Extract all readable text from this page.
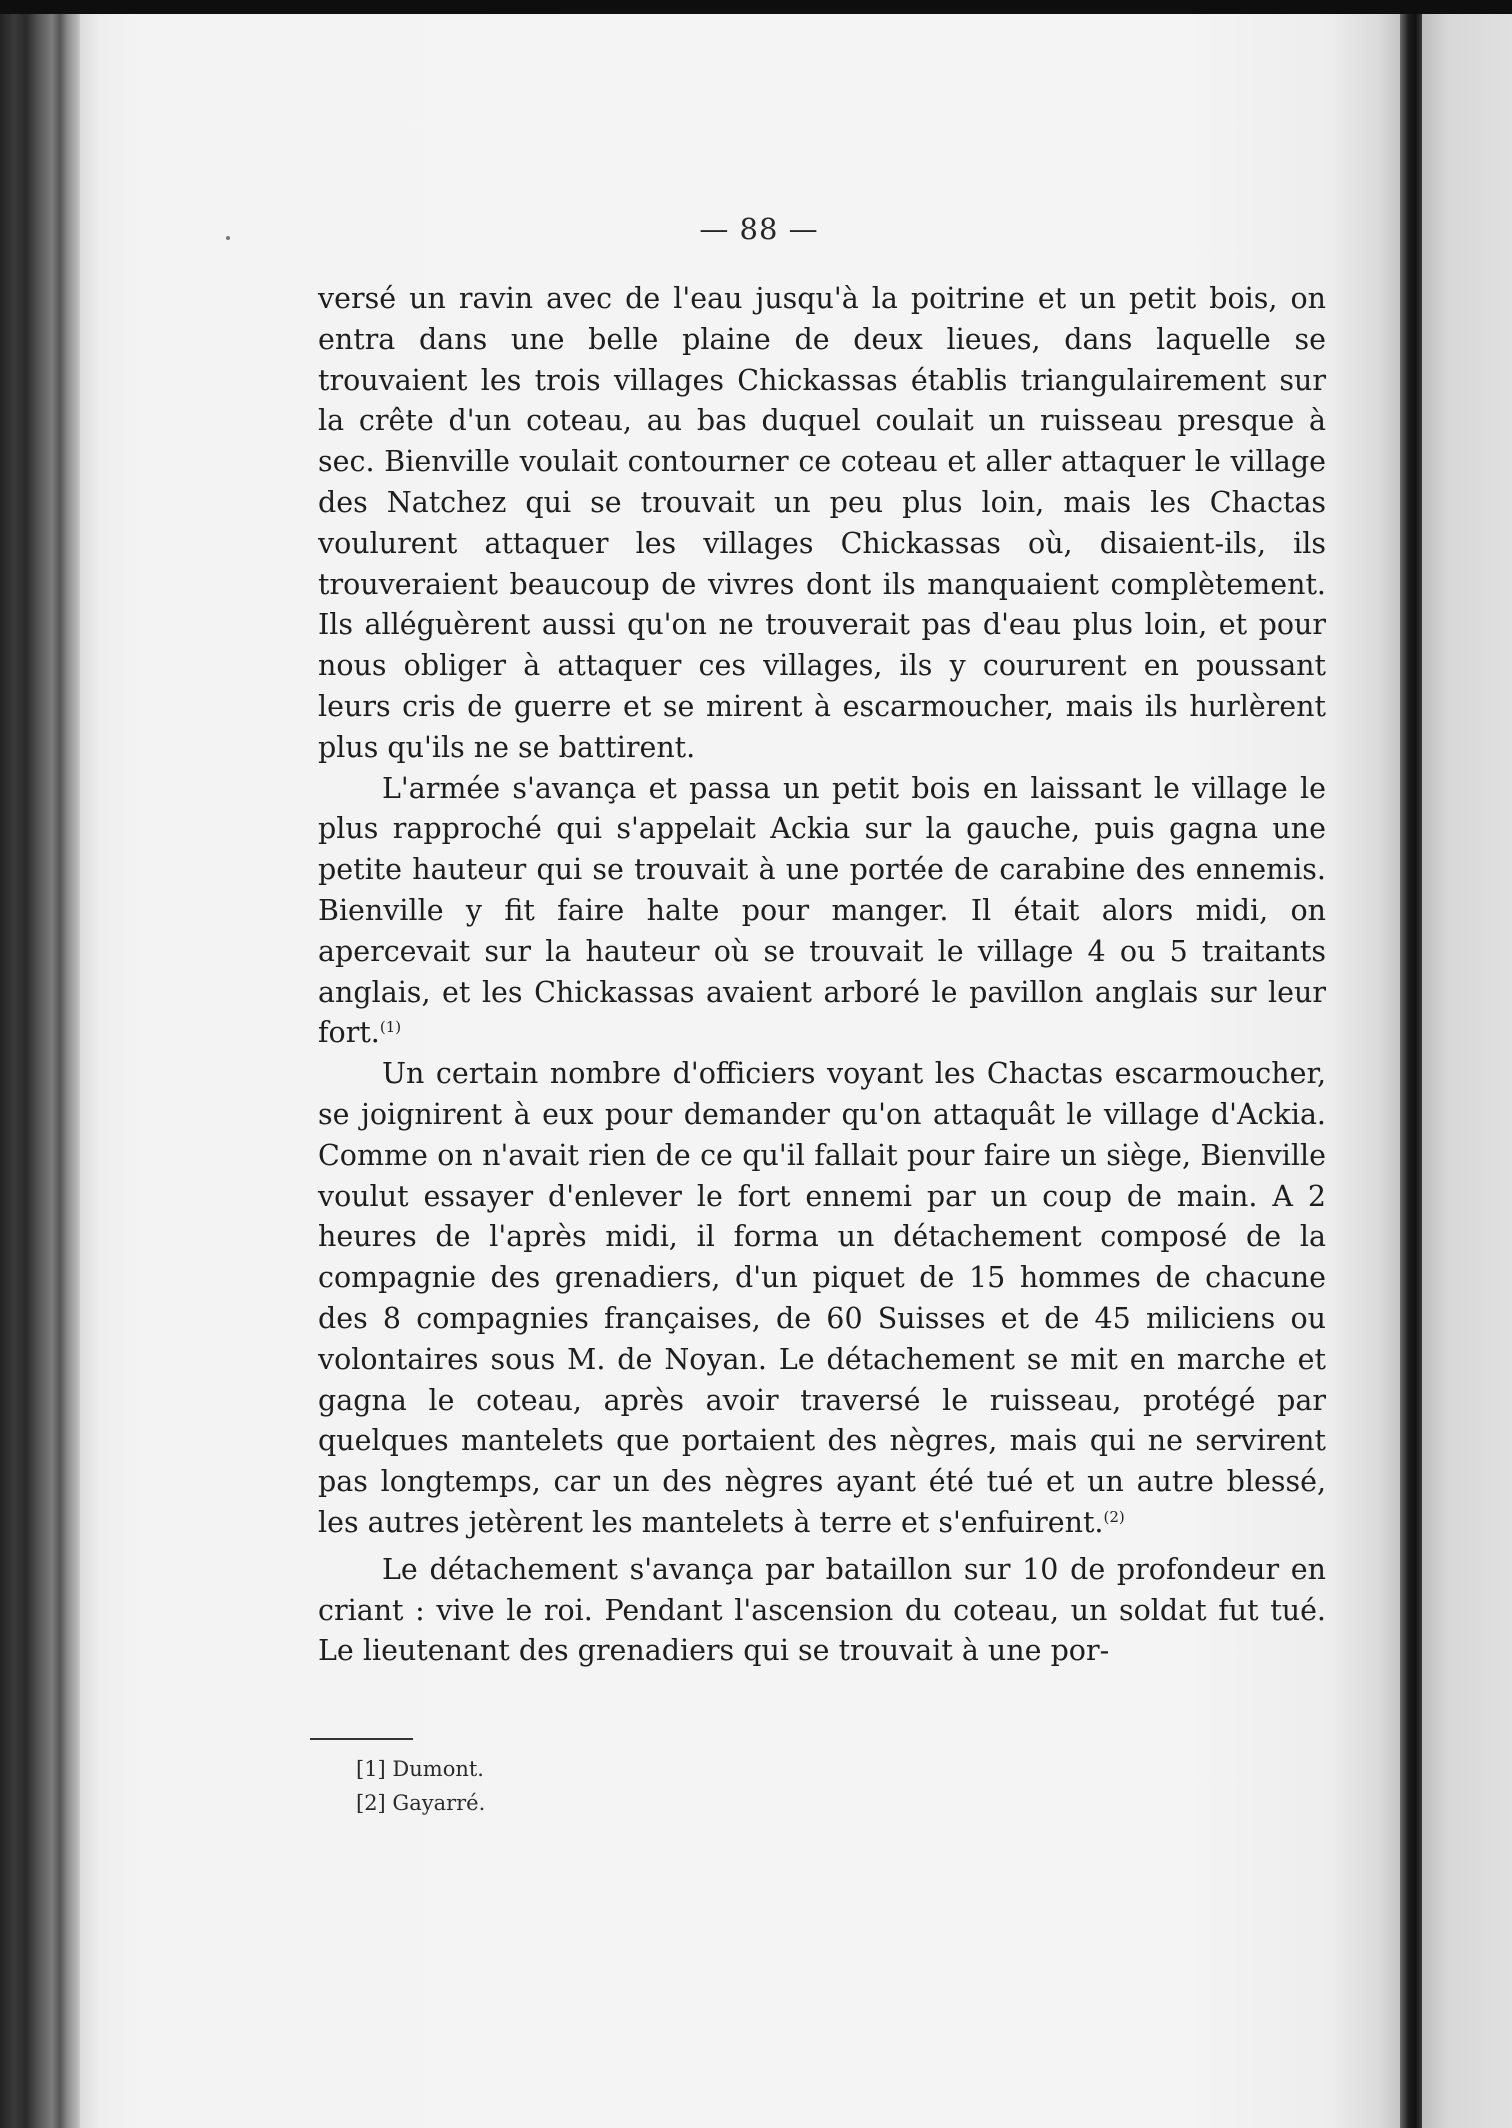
— 88 —

versé un ravin avec de l'eau jusqu'à la poitrine et un petit bois, on entra dans une belle plaine de deux lieues, dans laquelle se trouvaient les trois villages Chickassas établis triangulairement sur la crête d'un coteau, au bas duquel coulait un ruisseau presque à sec. Bienville voulait contourner ce coteau et aller attaquer le village des Natchez qui se trouvait un peu plus loin, mais les Chactas voulurent attaquer les villages Chickassas où, disaient-ils, ils trouveraient beaucoup de vivres dont ils manquaient complètement. Ils alléguèrent aussi qu'on ne trouverait pas d'eau plus loin, et pour nous obliger à attaquer ces villages, ils y coururent en poussant leurs cris de guerre et se mirent à escarmoucher, mais ils hurlèrent plus qu'ils ne se battirent.

L'armée s'avança et passa un petit bois en laissant le village le plus rapproché qui s'appelait Ackia sur la gauche, puis gagna une petite hauteur qui se trouvait à une portée de carabine des ennemis. Bienville y fit faire halte pour manger. Il était alors midi, on apercevait sur la hauteur où se trouvait le village 4 ou 5 traitants anglais, et les Chickassas avaient arboré le pavillon anglais sur leur fort.$^{(1)}$

Un certain nombre d'officiers voyant les Chactas escarmoucher, se joignirent à eux pour demander qu'on attaquât le village d'Ackia. Comme on n'avait rien de ce qu'il fallait pour faire un siège, Bienville voulut essayer d'enlever le fort ennemi par un coup de main. A 2 heures de l'après midi, il forma un détachement composé de la compagnie des grenadiers, d'un piquet de 15 hommes de chacune des 8 compagnies françaises, de 60 Suisses et de 45 miliciens ou volontaires sous M. de Noyan. Le détachement se mit en marche et gagna le coteau, après avoir traversé le ruisseau, protégé par quelques mantelets que portaient des nègres, mais qui ne servirent pas longtemps, car un des nègres ayant été tué et un autre blessé, les autres jetèrent les mantelets à terre et s'enfuirent.$^{(2)}$

Le détachement s'avança par bataillon sur 10 de profondeur en criant : vive le roi. Pendant l'ascension du coteau, un soldat fut tué. Le lieutenant des grenadiers qui se trouvait à une por-

[1] Dumont.
[2] Gayarré.
